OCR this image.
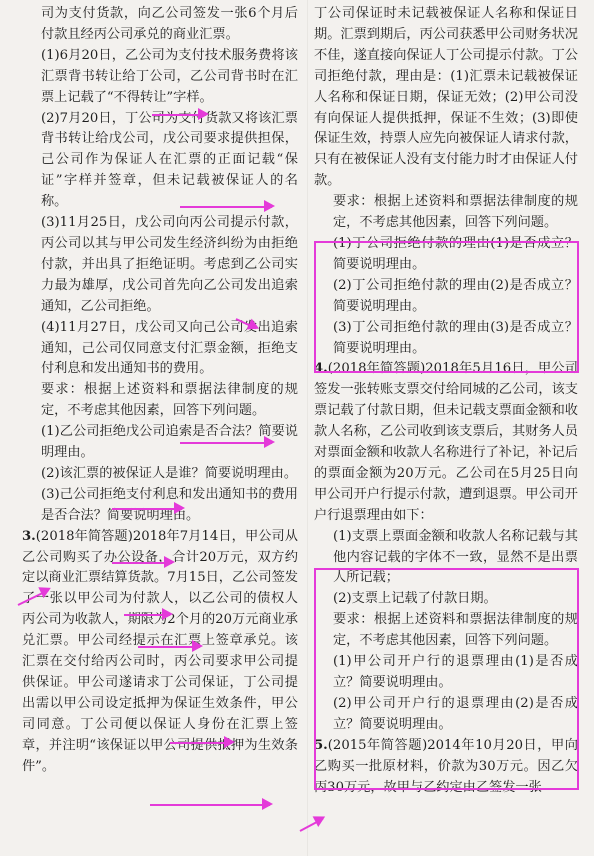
司为支付货款，向乙公司签发一张6个月后付款且经丙公司承兑的商业汇票。

(1)6月20日，乙公司为支付技术服务费将该汇票背书转让给丁公司，乙公司背书时在汇票上记载了“不得转让”字样。

(2)7月20日，丁公司为支付货款又将该汇票背书转让给戊公司，戊公司要求提供担保，己公司作为保证人在汇票的正面记载“保证”字样并签章，但未记载被保证人的名称。

(3)11月25日，戊公司向丙公司提示付款，丙公司以其与甲公司发生经济纠纷为由拒绝付款，并出具了拒绝证明。考虑到乙公司实力最为雄厚，戊公司首先向乙公司发出追索通知，乙公司拒绝。

(4)11月27日，戊公司又向己公司发出追索通知，己公司仅同意支付汇票金额，拒绝支付利息和发出通知书的费用。

要求：根据上述资料和票据法律制度的规定，不考虑其他因素，回答下列问题。

(1)乙公司拒绝戊公司追索是否合法？简要说明理由。

(2)该汇票的被保证人是谁？简要说明理由。

(3)己公司拒绝支付利息和发出通知书的费用是否合法？简要说明理由。

3.(2018年简答题)2018年7月14日，甲公司从乙公司购买了办公设备，合计20万元，双方约定以商业汇票结算货款。7月15日，乙公司签发了一张以甲公司为付款人，以乙公司的债权人丙公司为收款人，期限为2个月的20万元商业承兑汇票。甲公司经提示在汇票上签章承兑。该汇票在交付给丙公司时，丙公司要求甲公司提供保证。甲公司遂请求丁公司保证，丁公司提出需以甲公司设定抵押为保证生效条件，甲公司同意。丁公司便以保证人身份在汇票上签章，并注明“该保证以甲公司提供抵押为生效条件”。

丁公司保证时未记载被保证人名称和保证日期。汇票到期后，丙公司获悉甲公司财务状况不佳，遂直接向保证人丁公司提示付款。丁公司拒绝付款，理由是：(1)汇票未记载被保证人名称和保证日期，保证无效；(2)甲公司没有向保证人提供抵押，保证不生效；(3)即使保证生效，持票人应先向被保证人请求付款，只有在被保证人没有支付能力时才由保证人付款。

要求：根据上述资料和票据法律制度的规定，不考虑其他因素，回答下列问题。

(1)丁公司拒绝付款的理由(1)是否成立？简要说明理由。

(2)丁公司拒绝付款的理由(2)是否成立？简要说明理由。

(3)丁公司拒绝付款的理由(3)是否成立？简要说明理由。

4.(2018年简答题)2018年5月16日，甲公司签发一张转账支票交付给同城的乙公司，该支票记载了付款日期，但未记载支票面金额和收款人名称，乙公司收到该支票后，其财务人员对票面金额和收款人名称进行了补记，补记后的票面金额为20万元。乙公司在5月25日向甲公司开户行提示付款，遭到退票。甲公司开户行退票理由如下：

(1)支票上票面金额和收款人名称记载与其他内容记载的字体不一致，显然不是出票人所记载；

(2)支票上记载了付款日期。

要求：根据上述资料和票据法律制度的规定，不考虑其他因素，回答下列问题。

(1)甲公司开户行的退票理由(1)是否成立？简要说明理由。

(2)甲公司开户行的退票理由(2)是否成立？简要说明理由。

5.(2015年简答题)2014年10月20日，甲向乙购买一批原材料，价款为30万元。因乙欠丙30万元，故甲与乙约定由乙签发一张
